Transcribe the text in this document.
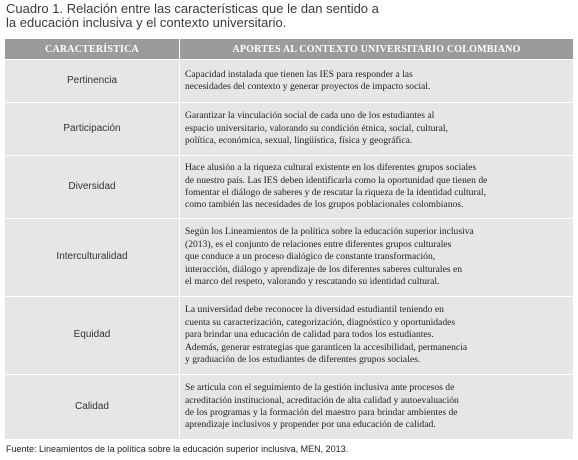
Cuadro 1. Relación entre las características que le dan sentido a
la educación inclusiva y el contexto universitario.
CARACTERÍSTICA	APORTES AL CONTEXTO UNIVERSITARIO COLOMBIANO
Pertinencia	Capacidad instalada que tienen las IES para responder a las
necesidades del contexto y generar proyectos de impacto social.

Participación	Garantizar la vinculación social de cada uno de los estudiantes al
espacio universitario, valorando su condición étnica, social, cultural,
política, económica, sexual, lingüística, física y geográfica.

Diversidad	Hace alusión a la riqueza cultural existente en los diferentes grupos sociales
de nuestro país. Las IES deben identificarla como la oportunidad que tienen de
fomentar el diálogo de saberes y de rescatar la riqueza de la identidad cultural,
como también las necesidades de los grupos poblacionales colombianos.

Interculturalidad	Según los Lineamientos de la política sobre la educación superior inclusiva
(2013), es el conjunto de relaciones entre diferentes grupos culturales
que conduce a un proceso dialógico de constante transformación,
interacción, diálogo y aprendizaje de los diferentes saberes culturales en
el marco del respeto, valorando y rescatando su identidad cultural.

Equidad	La universidad debe reconocer la diversidad estudiantil teniendo en
cuenta su caracterización, categorización, diagnóstico y oportunidades
para brindar una educación de calidad para todos los estudiantes.
Además, generar estrategias que garanticen la accesibilidad, permanencia
y graduación de los estudiantes de diferentes grupos sociales.

Calidad	Se articula con el seguimiento de la gestión inclusiva ante procesos de
acreditación institucional, acreditación de alta calidad y autoevaluación
de los programas y la formación del maestro para brindar ambientes de
aprendizaje inclusivos y propender por una educación de calidad.
Fuente: Lineamientos de la política sobre la educación superior inclusiva, MEN, 2013.
